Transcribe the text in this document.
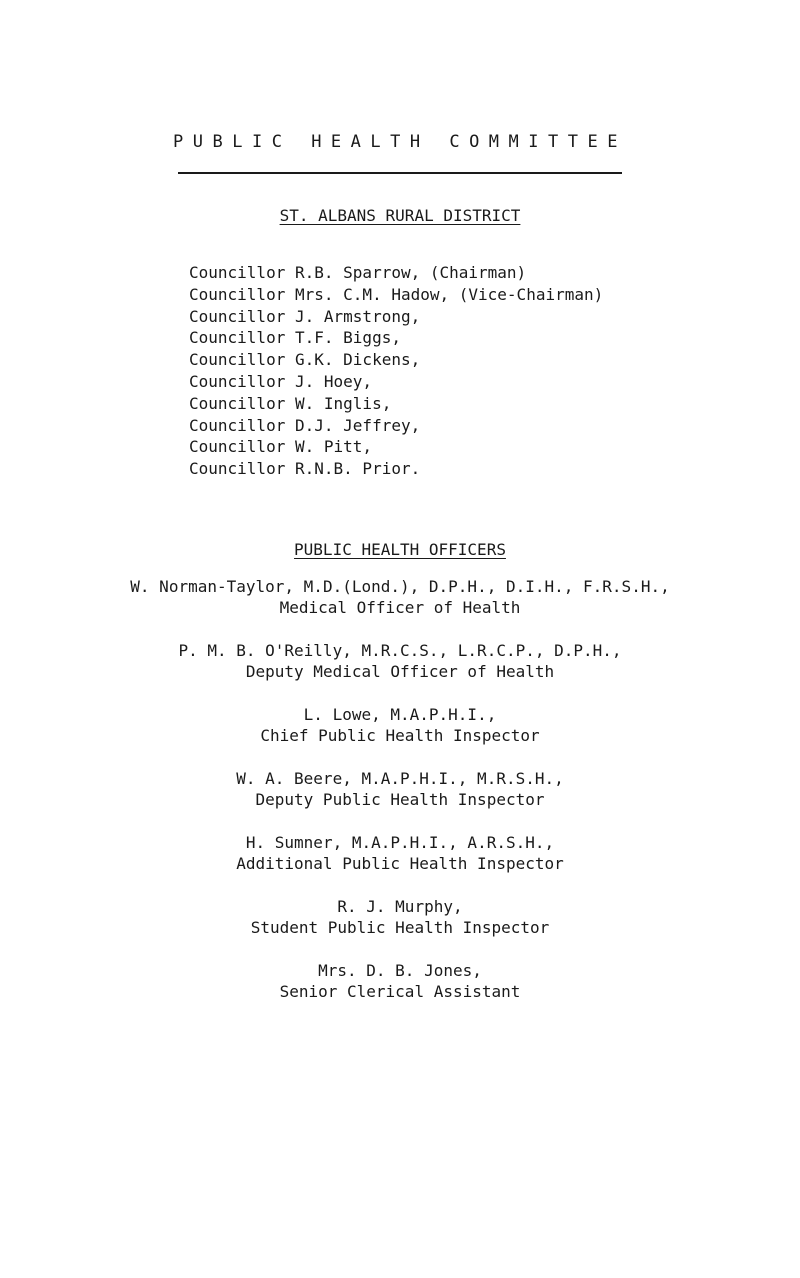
PUBLIC HEALTH COMMITTEE
ST. ALBANS RURAL DISTRICT
Councillor R.B. Sparrow, (Chairman)
Councillor Mrs. C.M. Hadow, (Vice-Chairman)
Councillor J. Armstrong,
Councillor T.F. Biggs,
Councillor G.K. Dickens,
Councillor J. Hoey,
Councillor W. Inglis,
Councillor D.J. Jeffrey,
Councillor W. Pitt,
Councillor R.N.B. Prior.
PUBLIC HEALTH OFFICERS
W. Norman-Taylor, M.D.(Lond.), D.P.H., D.I.H., F.R.S.H.,
Medical Officer of Health
P. M. B. O'Reilly, M.R.C.S., L.R.C.P., D.P.H.,
Deputy Medical Officer of Health
L. Lowe, M.A.P.H.I.,
Chief Public Health Inspector
W. A. Beere, M.A.P.H.I., M.R.S.H.,
Deputy Public Health Inspector
H. Sumner, M.A.P.H.I., A.R.S.H.,
Additional Public Health Inspector
R. J. Murphy,
Student Public Health Inspector
Mrs. D. B. Jones,
Senior Clerical Assistant
